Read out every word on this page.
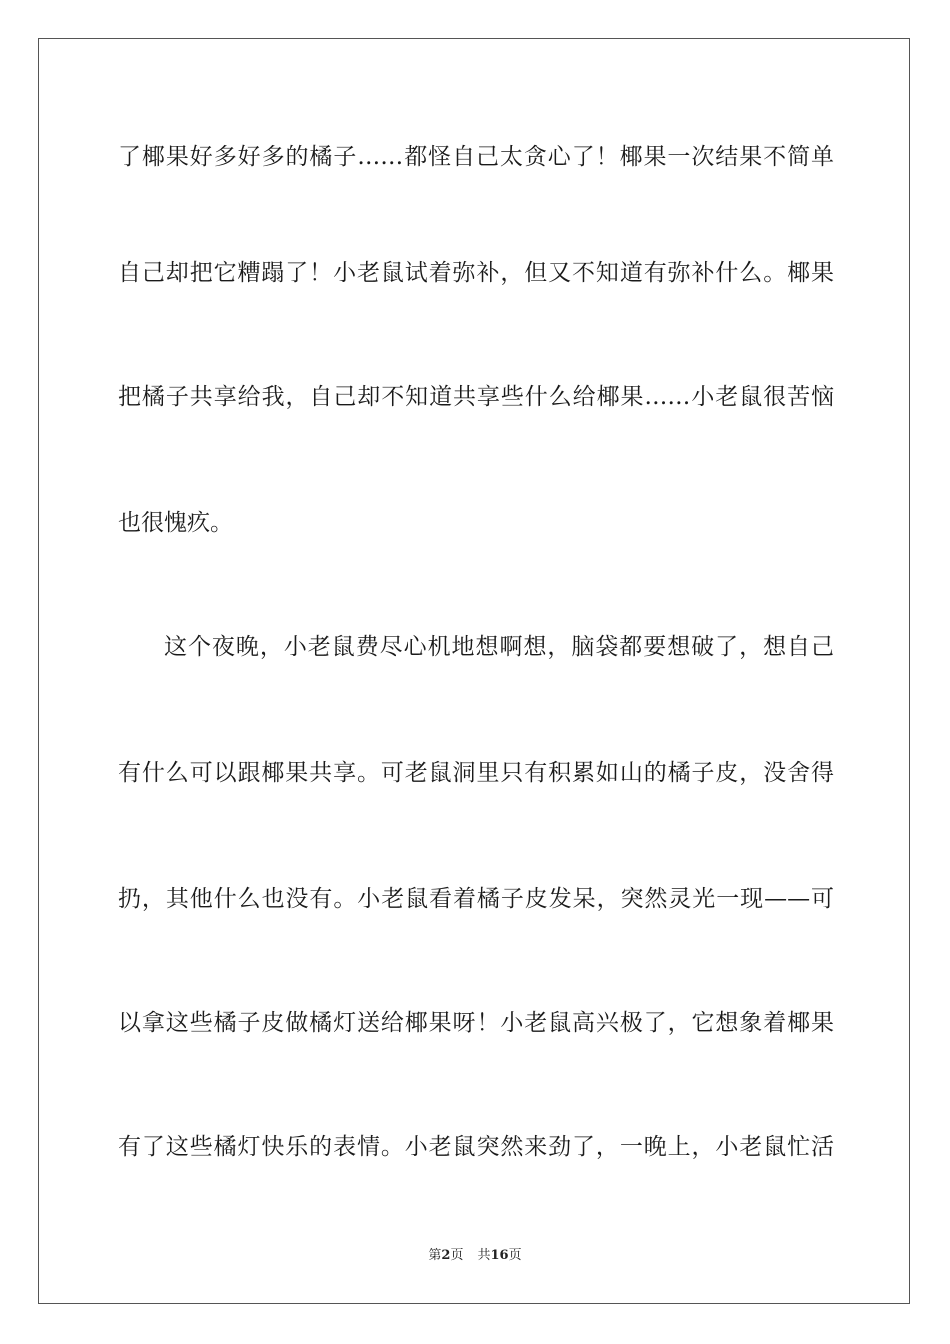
了椰果好多好多的橘子……都怪自己太贪心了！椰果一次结果不简单
自己却把它糟蹋了！小老鼠试着弥补，但又不知道有弥补什么。椰果
把橘子共享给我，自己却不知道共享些什么给椰果……小老鼠很苦恼
也很愧疚。
这个夜晚，小老鼠费尽心机地想啊想，脑袋都要想破了，想自己
有什么可以跟椰果共享。可老鼠洞里只有积累如山的橘子皮，没舍得
扔，其他什么也没有。小老鼠看着橘子皮发呆，突然灵光一现——可
以拿这些橘子皮做橘灯送给椰果呀！小老鼠高兴极了，它想象着椰果
有了这些橘灯快乐的表情。小老鼠突然来劲了，一晚上，小老鼠忙活
第2页 共16页
